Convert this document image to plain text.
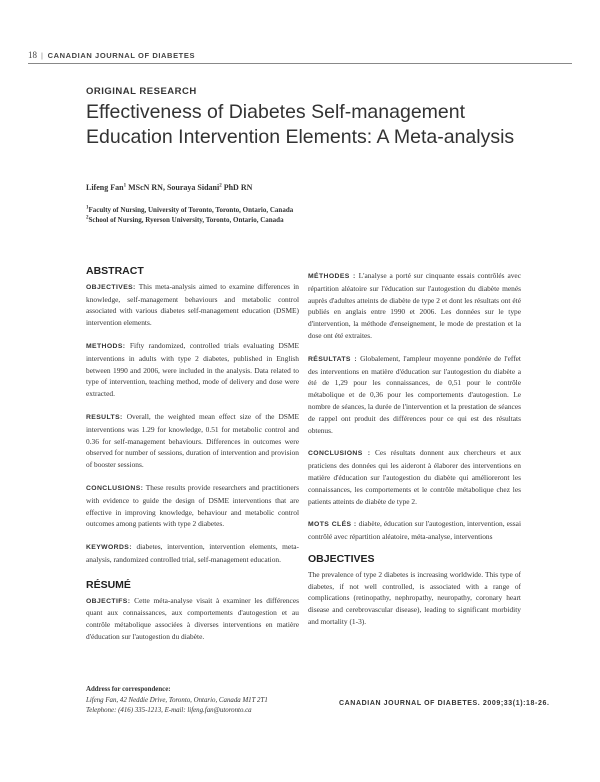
18 | CANADIAN JOURNAL OF DIABETES
ORIGINAL RESEARCH
Effectiveness of Diabetes Self-management Education Intervention Elements: A Meta-analysis
Lifeng Fan$^1$ MScN RN, Souraya Sidani$^2$ PhD RN
$^1$Faculty of Nursing, University of Toronto, Toronto, Ontario, Canada
$^2$School of Nursing, Ryerson University, Toronto, Ontario, Canada
ABSTRACT

OBJECTIVES: This meta-analysis aimed to examine differences in knowledge, self-management behaviours and metabolic control associated with various diabetes self-management education (DSME) intervention elements.

METHODS: Fifty randomized, controlled trials evaluating DSME interventions in adults with type 2 diabetes, published in English between 1990 and 2006, were included in the analysis. Data related to type of intervention, teaching method, mode of delivery and dose were extracted.

RESULTS: Overall, the weighted mean effect size of the DSME interventions was 1.29 for knowledge, 0.51 for metabolic control and 0.36 for self-management behaviours. Differences in outcomes were observed for number of sessions, duration of intervention and provision of booster sessions.

CONCLUSIONS: These results provide researchers and practitioners with evidence to guide the design of DSME interventions that are effective in improving knowledge, behaviour and metabolic control outcomes among patients with type 2 diabetes.

KEYWORDS: diabetes, intervention, intervention elements, meta-analysis, randomized controlled trial, self-management education.

RÉSUMÉ

OBJECTIFS: Cette méta-analyse visait à examiner les différences quant aux connaissances, aux comportements d'autogestion et au contrôle métabolique associées à diverses interventions en matière d'éducation sur l'autogestion du diabète.

MÉTHODES : L'analyse a porté sur cinquante essais contrôlés avec répartition aléatoire sur l'éducation sur l'autogestion du diabète menés auprès d'adultes atteints de diabète de type 2 et dont les résultats ont été publiés en anglais entre 1990 et 2006. Les données sur le type d'intervention, la méthode d'enseignement, le mode de prestation et la dose ont été extraites.

RÉSULTATS : Globalement, l'ampleur moyenne pondérée de l'effet des interventions en matière d'éducation sur l'autogestion du diabète a été de 1,29 pour les connaissances, de 0,51 pour le contrôle métabolique et de 0,36 pour les comportements d'autogestion. Le nombre de séances, la durée de l'intervention et la prestation de séances de rappel ont produit des différences pour ce qui est des résultats obtenus.

CONCLUSIONS : Ces résultats donnent aux chercheurs et aux praticiens des données qui les aideront à élaborer des interventions en matière d'éducation sur l'autogestion du diabète qui amélioreront les connaissances, les comportements et le contrôle métabolique chez les patients atteints de diabète de type 2.

MOTS CLÉS : diabète, éducation sur l'autogestion, intervention, essai contrôlé avec répartition aléatoire, méta-analyse, interventions

OBJECTIVES

The prevalence of type 2 diabetes is increasing worldwide. This type of diabetes, if not well controlled, is associated with a range of complications (retinopathy, nephropathy, neuropathy, coronary heart disease and cerebrovascular disease), leading to significant morbidity and mortality (1-3).

Address for correspondence:
Lifeng Fan, 42 Neddie Drive, Toronto, Ontario, Canada M1T 2T1
Telephone: (416) 335-1213, E-mail: lifeng.fan@utoronto.ca
CANADIAN JOURNAL OF DIABETES. 2009;33(1):18-26.
